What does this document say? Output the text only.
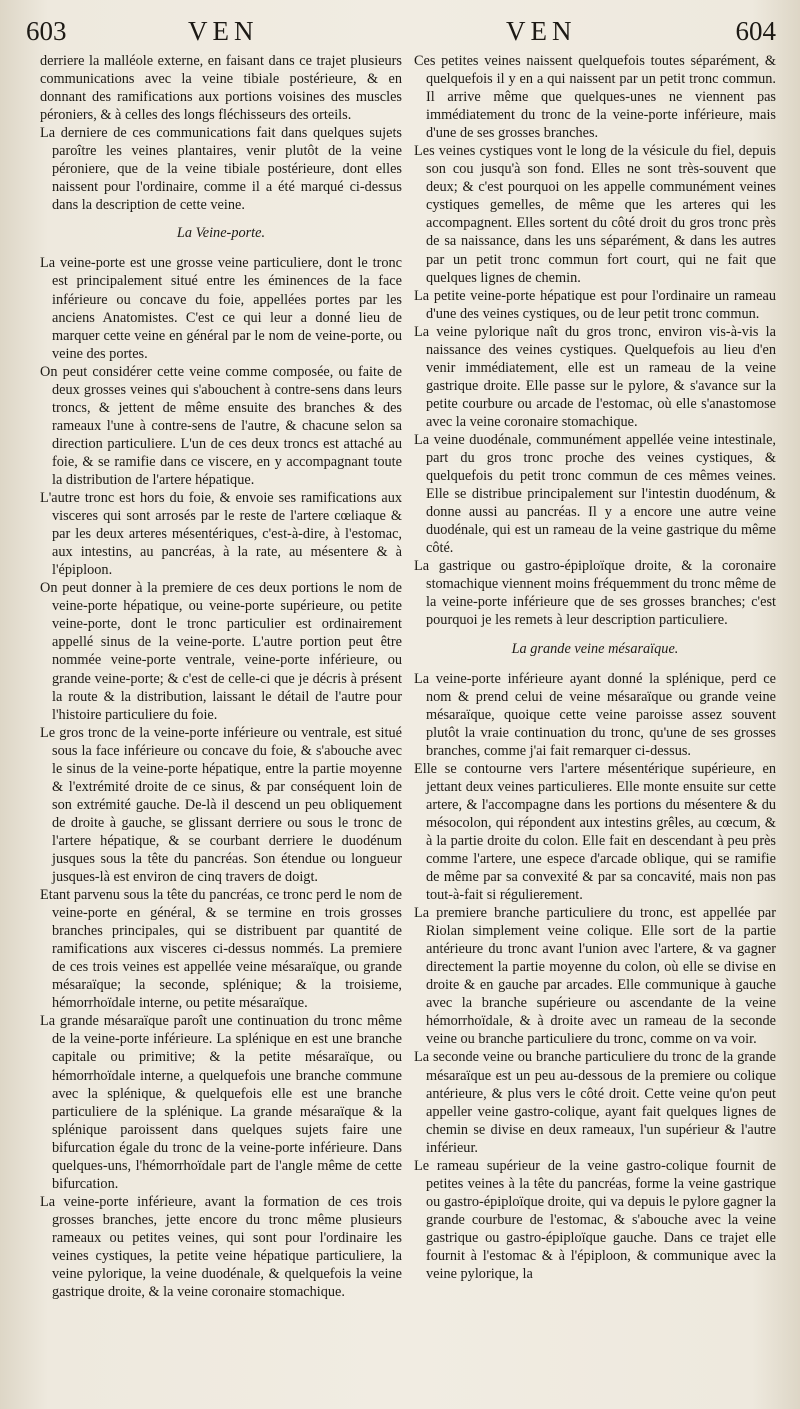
603	VEN	VEN	604

derriere la malléole externe, en faisant dans ce trajet plusieurs communications avec la veine tibiale postérieure, & en donnant des ramifications aux portions voisines des muscles péroniers, & à celles des longs fléchisseurs des orteils.

La derniere de ces communications fait dans quelques sujets paroître les veines plantaires, venir plutôt de la veine péroniere, que de la veine tibiale postérieure, dont elles naissent pour l'ordinaire, comme il a été marqué ci-dessus dans la description de cette veine.

La Veine-porte.

La veine-porte est une grosse veine particuliere, dont le tronc est principalement situé entre les éminences de la face inférieure ou concave du foie, appellées portes par les anciens Anatomistes. C'est ce qui leur a donné lieu de marquer cette veine en général par le nom de veine-porte, ou veine des portes.

On peut considérer cette veine comme composée, ou faite de deux grosses veines qui s'abouchent à contre-sens dans leurs troncs, & jettent de même ensuite des branches & des rameaux l'une à contre-sens de l'autre, & chacune selon sa direction particuliere. L'un de ces deux troncs est attaché au foie, & se ramifie dans ce viscere, en y accompagnant toute la distribution de l'artere hépatique.

L'autre tronc est hors du foie, & envoie ses ramifications aux visceres qui sont arrosés par le reste de l'artere cœliaque & par les deux arteres mésentériques, c'est-à-dire, à l'estomac, aux intestins, au pancréas, à la rate, au mésentere & à l'épiploon.

On peut donner à la premiere de ces deux portions le nom de veine-porte hépatique, ou veine-porte supérieure, ou petite veine-porte, dont le tronc particulier est ordinairement appellé sinus de la veine-porte. L'autre portion peut être nommée veine-porte ventrale, veine-porte inférieure, ou grande veine-porte; & c'est de celle-ci que je décris à présent la route & la distribution, laissant le détail de l'autre pour l'histoire particuliere du foie.

Le gros tronc de la veine-porte inférieure ou ventrale, est situé sous la face inférieure ou concave du foie, & s'abouche avec le sinus de la veine-porte hépatique, entre la partie moyenne & l'extrémité droite de ce sinus, & par conséquent loin de son extrémité gauche. De-là il descend un peu obliquement de droite à gauche, se glissant derriere ou sous le tronc de l'artere hépatique, & se courbant derriere le duodénum jusques sous la tête du pancréas. Son étendue ou longueur jusques-là est environ de cinq travers de doigt.

Etant parvenu sous la tête du pancréas, ce tronc perd le nom de veine-porte en général, & se termine en trois grosses branches principales, qui se distribuent par quantité de ramifications aux visceres ci-dessus nommés. La premiere de ces trois veines est appellée veine mésaraïque, ou grande mésaraïque; la seconde, splénique; & la troisieme, hémorrhoïdale interne, ou petite mésaraïque.

La grande mésaraïque paroît une continuation du tronc même de la veine-porte inférieure. La splénique en est une branche capitale ou primitive; & la petite mésaraïque, ou hémorrhoïdale interne, a quelquefois une branche commune avec la splénique, & quelquefois elle est une branche particuliere de la splénique. La grande mésaraïque & la splénique paroissent dans quelques sujets faire une bifurcation égale du tronc de la veine-porte inférieure. Dans quelques-uns, l'hémorrhoïdale part de l'angle même de cette bifurcation.

La veine-porte inférieure, avant la formation de ces trois grosses branches, jette encore du tronc même plusieurs rameaux ou petites veines, qui sont pour l'ordinaire les veines cystiques, la petite veine hépatique particuliere, la veine pylorique, la veine duodénale, & quelquefois la veine gastrique droite, & la veine coronaire stomachique.

Ces petites veines naissent quelquefois toutes séparément, & quelquefois il y en a qui naissent par un petit tronc commun. Il arrive même que quelques-unes ne viennent pas immédiatement du tronc de la veine-porte inférieure, mais d'une de ses grosses branches.

Les veines cystiques vont le long de la vésicule du fiel, depuis son cou jusqu'à son fond. Elles ne sont très-souvent que deux; & c'est pourquoi on les appelle communément veines cystiques gemelles, de même que les arteres qui les accompagnent. Elles sortent du côté droit du gros tronc près de sa naissance, dans les uns séparément, & dans les autres par un petit tronc commun fort court, qui ne fait que quelques lignes de chemin.

La petite veine-porte hépatique est pour l'ordinaire un rameau d'une des veines cystiques, ou de leur petit tronc commun.

La veine pylorique naît du gros tronc, environ vis-à-vis la naissance des veines cystiques. Quelquefois au lieu d'en venir immédiatement, elle est un rameau de la veine gastrique droite. Elle passe sur le pylore, & s'avance sur la petite courbure ou arcade de l'estomac, où elle s'anastomose avec la veine coronaire stomachique.

La veine duodénale, communément appellée veine intestinale, part du gros tronc proche des veines cystiques, & quelquefois du petit tronc commun de ces mêmes veines. Elle se distribue principalement sur l'intestin duodénum, & donne aussi au pancréas. Il y a encore une autre veine duodénale, qui est un rameau de la veine gastrique du même côté.

La gastrique ou gastro-épiploïque droite, & la coronaire stomachique viennent moins fréquemment du tronc même de la veine-porte inférieure que de ses grosses branches; c'est pourquoi je les remets à leur description particuliere.

La grande veine mésaraïque.

La veine-porte inférieure ayant donné la splénique, perd ce nom & prend celui de veine mésaraïque ou grande veine mésaraïque, quoique cette veine paroisse assez souvent plutôt la vraie continuation du tronc, qu'une de ses grosses branches, comme j'ai fait remarquer ci-dessus.

Elle se contourne vers l'artere mésentérique supérieure, en jettant deux veines particulieres. Elle monte ensuite sur cette artere, & l'accompagne dans les portions du mésentere & du mésocolon, qui répondent aux intestins grêles, au cœcum, & à la partie droite du colon. Elle fait en descendant à peu près comme l'artere, une espece d'arcade oblique, qui se ramifie de même par sa convexité & par sa concavité, mais non pas tout-à-fait si régulierement.

La premiere branche particuliere du tronc, est appellée par Riolan simplement veine colique. Elle sort de la partie antérieure du tronc avant l'union avec l'artere, & va gagner directement la partie moyenne du colon, où elle se divise en droite & en gauche par arcades. Elle communique à gauche avec la branche supérieure ou ascendante de la veine hémorrhoïdale, & à droite avec un rameau de la seconde veine ou branche particuliere du tronc, comme on va voir.

La seconde veine ou branche particuliere du tronc de la grande mésaraïque est un peu au-dessous de la premiere ou colique antérieure, & plus vers le côté droit. Cette veine qu'on peut appeller veine gastro-colique, ayant fait quelques lignes de chemin se divise en deux rameaux, l'un supérieur & l'autre inférieur.

Le rameau supérieur de la veine gastro-colique fournit de petites veines à la tête du pancréas, forme la veine gastrique ou gastro-épiploïque droite, qui va depuis le pylore gagner la grande courbure de l'estomac, & s'abouche avec la veine gastrique ou gastro-épiploïque gauche. Dans ce trajet elle fournit à l'estomac & à l'épiploon, & communique avec la veine pylorique, la
